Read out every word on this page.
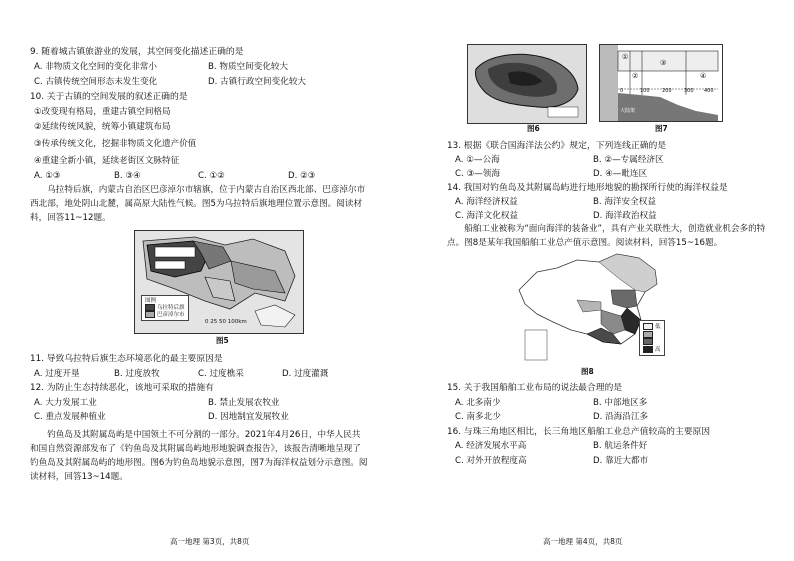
9. 随着城古镇旅游业的发展，其空间变化描述正确的是
A. 非物质文化空间的变化非常小	B. 物质空间变化较大
C. 古镇传统空间形态未发生变化	D. 古镇行政空间变化较大
10. 关于古镇的空间发展的叙述正确的是
①改变现有格局，重建古镇空间格局
②延续传统风貌，统筹小镇建筑布局
③传承传统文化，挖掘非物质文化遗产价值
④重建全新小镇，延续老街区文脉特征
A. ①③	B. ③④	C. ①②	D. ②③
乌拉特后旗，内蒙古自治区巴彦淖尔市辖旗，位于内蒙古自治区西北部、巴彦淖尔市西北部，地处阴山北麓，属高原大陆性气候。图5为乌拉特后旗地理位置示意图。阅读材料，回答11~12题。
图例
乌拉特后旗
巴彦淖尔市
0 25 50 100km
图5
11. 导致乌拉特后旗生态环境恶化的最主要原因是
A. 过度开垦	B. 过度放牧	C. 过度樵采	D. 过度灌溉
12. 为防止生态持续恶化，该地可采取的措施有
A. 大力发展工业	B. 禁止发展农牧业
C. 重点发展种植业	D. 因地制宜发展牧业
钓鱼岛及其附属岛屿是中国领土不可分割的一部分。2021年4月26日，中华人民共和国自然资源部发布了《钓鱼岛及其附属岛屿地形地貌调查报告》，该报告清晰地呈现了钓鱼岛及其附属岛屿的地形图。图6为钓鱼岛地貌示意图，图7为海洋权益划分示意图。阅读材料，回答13~14题。
高一地理 第3页，共8页
图6
①
②
③
④
0	100 200 300 400
大陆架
图7
13. 根据《联合国海洋法公约》规定，下列连线正确的是
A. ①—公海	B. ②—专属经济区
C. ③—领海	D. ④—毗连区
14. 我国对钓鱼岛及其附属岛屿进行地形地貌的勘探所行使的海洋权益是
A. 海洋经济权益	B. 海洋安全权益
C. 海洋文化权益	D. 海洋政治权益
船舶工业被称为“面向海洋的装备业”，具有产业关联性大，创造就业机会多的特点。图8是某年我国船舶工业总产值示意图。阅读材料，回答15~16题。
低
高
图8
15. 关于我国船舶工业布局的说法最合理的是
A. 北多南少	B. 中部地区多
C. 南多北少	D. 沿海沿江多
16. 与珠三角地区相比，长三角地区船舶工业总产值较高的主要原因
A. 经济发展水平高	B. 航运条件好
C. 对外开放程度高	D. 靠近大都市
高一地理 第4页，共8页
